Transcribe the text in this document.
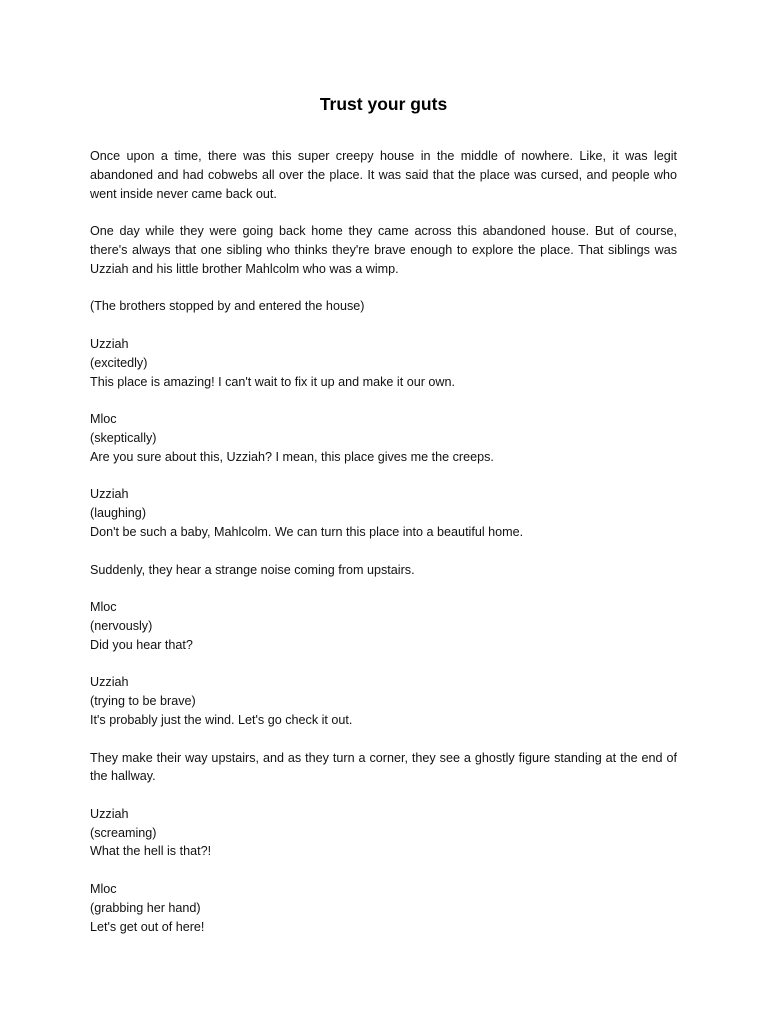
Trust your guts

Once upon a time, there was this super creepy house in the middle of nowhere. Like, it was legit abandoned and had cobwebs all over the place. It was said that the place was cursed, and people who went inside never came back out.

One day while they were going back home they came across this abandoned house. But of course, there's always that one sibling who thinks they're brave enough to explore the place. That siblings was Uzziah and his little brother Mahlcolm who was a wimp.

(The brothers stopped by and entered the house)

Uzziah
(excitedly)
This place is amazing! I can't wait to fix it up and make it our own.
Mloc
(skeptically)
Are you sure about this, Uzziah? I mean, this place gives me the creeps.
Uzziah
(laughing)
Don't be such a baby, Mahlcolm. We can turn this place into a beautiful home.

Suddenly, they hear a strange noise coming from upstairs.

Mloc
(nervously)
Did you hear that?
Uzziah
(trying to be brave)
It's probably just the wind. Let's go check it out.

They make their way upstairs, and as they turn a corner, they see a ghostly figure standing at the end of the hallway.

Uzziah
(screaming)
What the hell is that?!
Mloc
(grabbing her hand)
Let's get out of here!
